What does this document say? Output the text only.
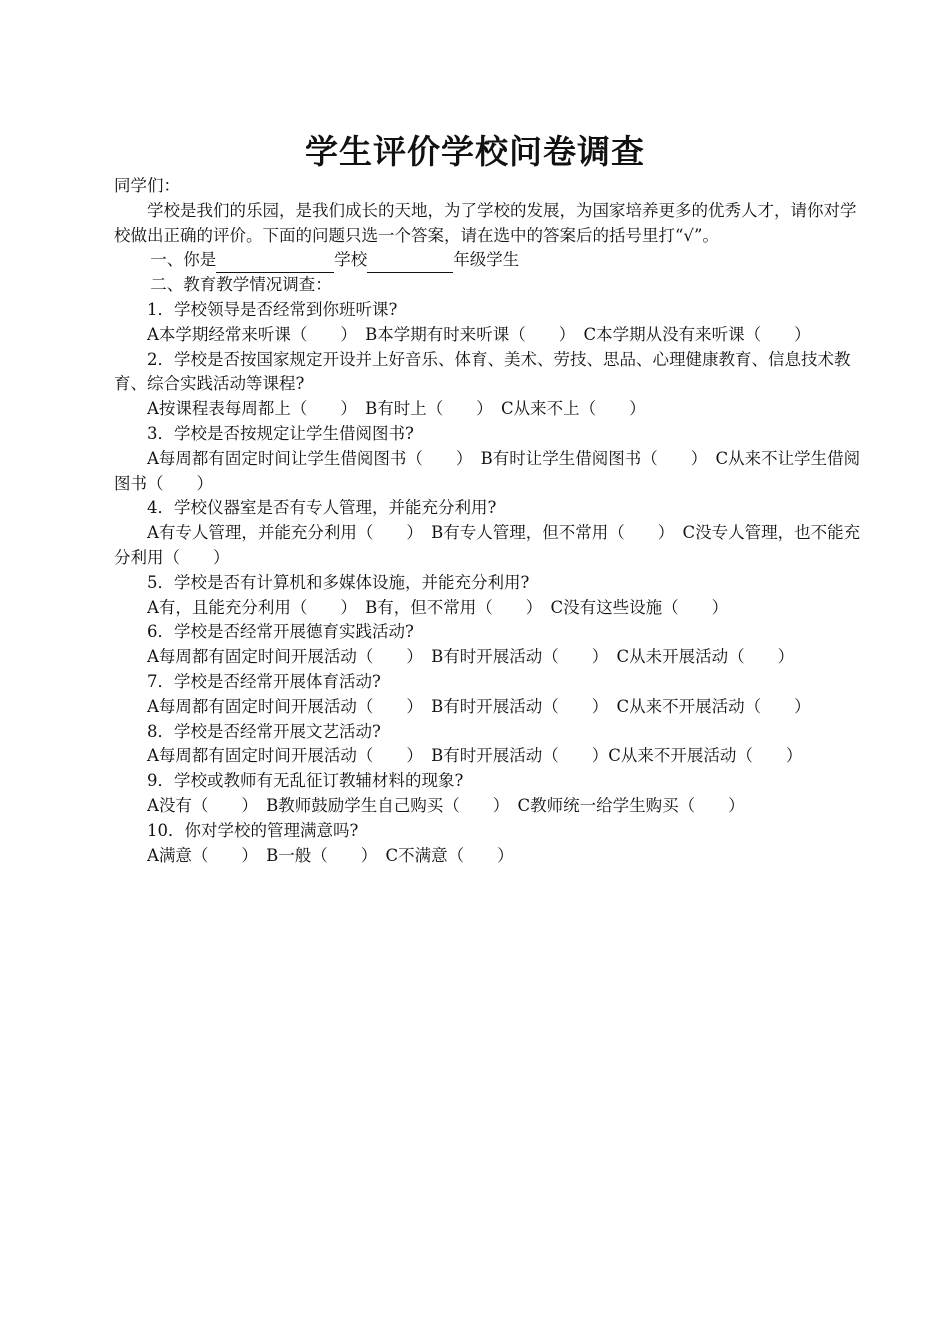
学生评价学校问卷调查
同学们：
学校是我们的乐园，是我们成长的天地，为了学校的发展，为国家培养更多的优秀人才，请你对学校做出正确的评价。下面的问题只选一个答案，请在选中的答案后的括号里打“√”。
一、你是	学校	年级学生
二、教育教学情况调查：
1．学校领导是否经常到你班听课?
A本学期经常来听课（　　）　B本学期有时来听课（　　）　C本学期从没有来听课（　　）
2．学校是否按国家规定开设并上好音乐、体育、美术、劳技、思品、心理健康教育、信息技术教育、综合实践活动等课程?
A按课程表每周都上（　　）　B有时上（　　）　C从来不上（　　）
3．学校是否按规定让学生借阅图书?
A每周都有固定时间让学生借阅图书（　　）　B有时让学生借阅图书（　　）　C从来不让学生借阅图书（　　）
4．学校仪器室是否有专人管理，并能充分利用?
A有专人管理，并能充分利用（　　）　B有专人管理，但不常用（　　）　C没专人管理，也不能充分利用（　　）
5．学校是否有计算机和多媒体设施，并能充分利用?
A有，且能充分利用（　　）　B有，但不常用（　　）　C没有这些设施（　　）
6．学校是否经常开展德育实践活动?
A每周都有固定时间开展活动（　　）　B有时开展活动（　　）　C从未开展活动（　　）
7．学校是否经常开展体育活动?
A每周都有固定时间开展活动（　　）　B有时开展活动（　　）　C从来不开展活动（　　）
8．学校是否经常开展文艺活动?
A每周都有固定时间开展活动（　　）　B有时开展活动（　　）C从来不开展活动（　　）
9．学校或教师有无乱征订教辅材料的现象?
A没有（　　）　B教师鼓励学生自己购买（　　）　C教师统一给学生购买（　　）
10．你对学校的管理满意吗?
A满意（　　）　B一般（　　）　C不满意（　　）
